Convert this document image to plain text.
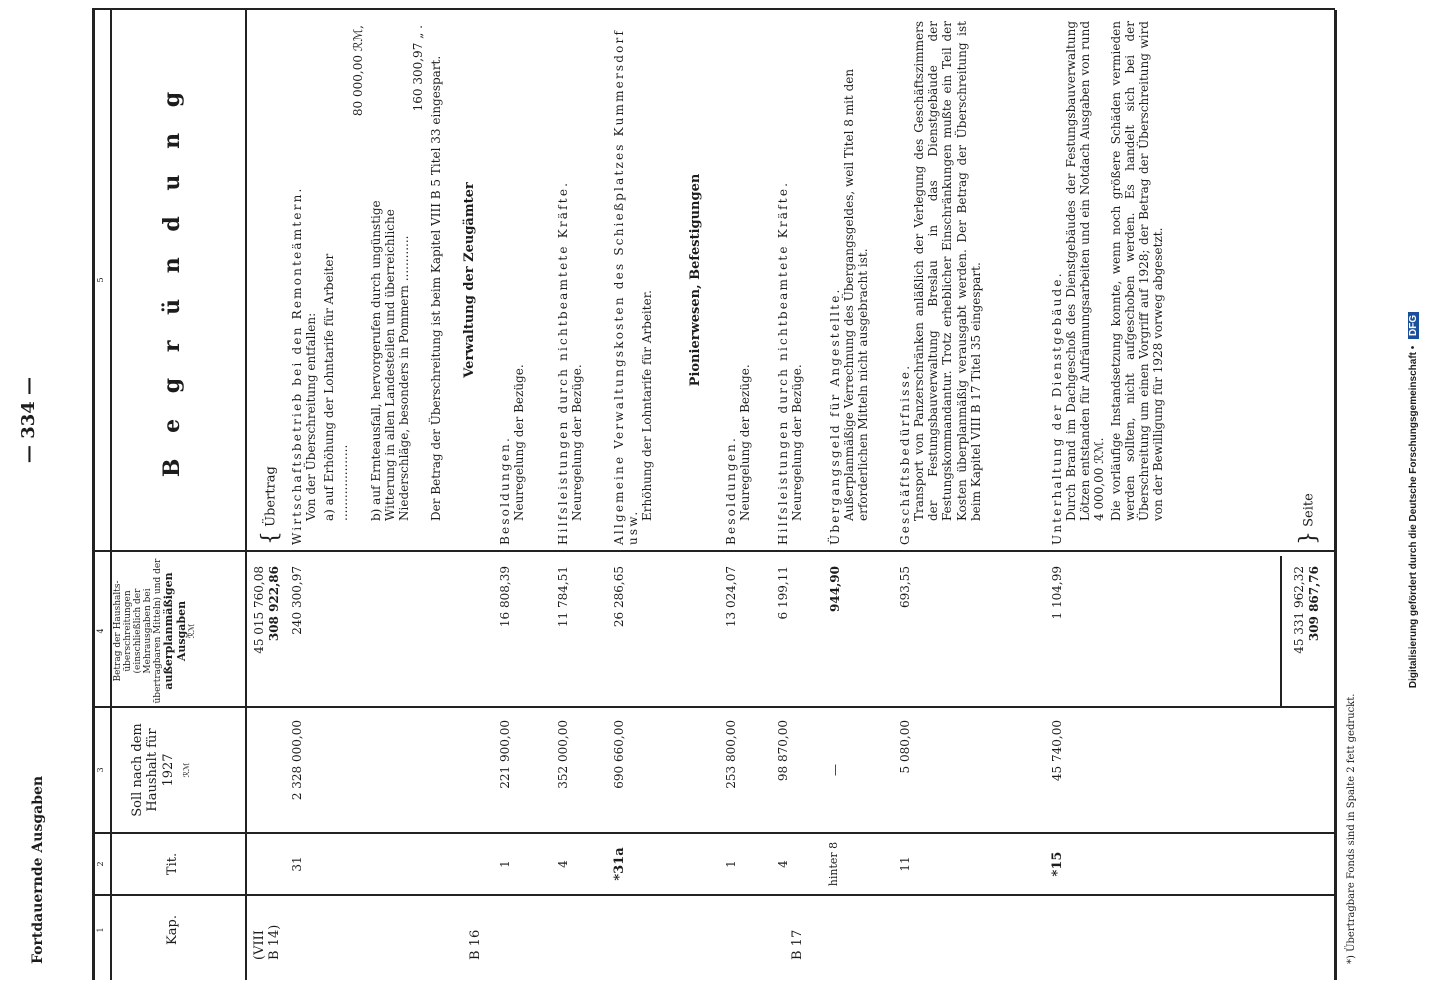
Fortdauernde Ausgaben
— 334 —
1
2
3
4
5
Kap.
Tit.
Soll nach dem Haushalt für 1927 ℛℳ
Betrag der Haushalts-überschreitungen (einschließlich der Mehrausgaben bei übertragbaren Mitteln) und der außerplanmäßigen Ausgaben ℛℳ
B e g r ü n d u n g
(VIII B 14)	B 16	B 17
45 015 760,08 308 922,86
{ Übertrag
31
2 328 000,00
240 300,97
Wirtschaftsbetrieb bei den Remonteämtern. Von der Überschreitung entfallen: a) auf Erhöhung der Lohntarife für Arbeiter ....................
80 000,00 ℛℳ,
b) auf Ernteausfall, hervorgerufen durch ungünstige Witterung in allen Landesteilen und überreichliche Niederschläge, besonders in Pommern ............
160 300,97 „ . Der Betrag der Überschreitung ist beim Kapitel VIII B 5 Titel 33 eingespart. Verwaltung der Zeugämter
1
221 900,00
16 808,39
Besoldungen. Neuregelung der Bezüge.
4
352 000,00
11 784,51
Hilfsleistungen durch nichtbeamtete Kräfte. Neuregelung der Bezüge.
*31a
690 660,00
26 286,65
Allgemeine Verwaltungskosten des Schießplatzes Kummersdorf usw.
Erhöhung der Lohntarife für Arbeiter.
Pionierwesen, Befestigungen
1
253 800,00
13 024,07
Besoldungen. Neuregelung der Bezüge.
4
98 870,00
6 199,11
Hilfsleistungen durch nichtbeamtete Kräfte. Neuregelung der Bezüge.
hinter 8
—
944,90
Übergangsgeld für Angestellte. Außerplanmäßige Verrechnung des Übergangsgeldes, weil Titel 8 mit den erforderlichen Mitteln nicht ausgebracht ist.
11
5 080,00
693,55
Geschäftsbedürfnisse. Transport von Panzerschränken anläßlich der Verlegung des Geschäftszimmers der Festungsbauverwaltung Breslau in das Dienstgebäude der Festungskommandantur. Trotz erheblicher Einschränkungen mußte ein Teil der Kosten überplanmäßig verausgabt werden. Der Betrag der Überschreitung ist beim Kapitel VIII B 17 Titel 35 eingespart.
*15
45 740,00
1 104,99
Unterhaltung der Dienstgebäude. Durch Brand im Dachgeschoß des Dienstgebäudes der Festungsbauverwaltung Lötzen entstanden für Aufräumungsarbeiten und ein Notdach Ausgaben von rund 4 000,00 ℛℳ. Die vorläufige Instandsetzung konnte, wenn noch größere Schäden vermieden werden sollten, nicht aufgeschoben werden. Es handelt sich bei der Überschreitung um einen Vorgriff auf 1928; der Betrag der Überschreitung wird von der Bewilligung für 1928 vorweg abgesetzt.
45 331 962,32 309 867,76
} Seite
*) Übertragbare Fonds sind in Spalte 2 fett gedruckt.
Digitalisierung gefördert durch die Deutsche Forschungsgemeinschaft • DFG
